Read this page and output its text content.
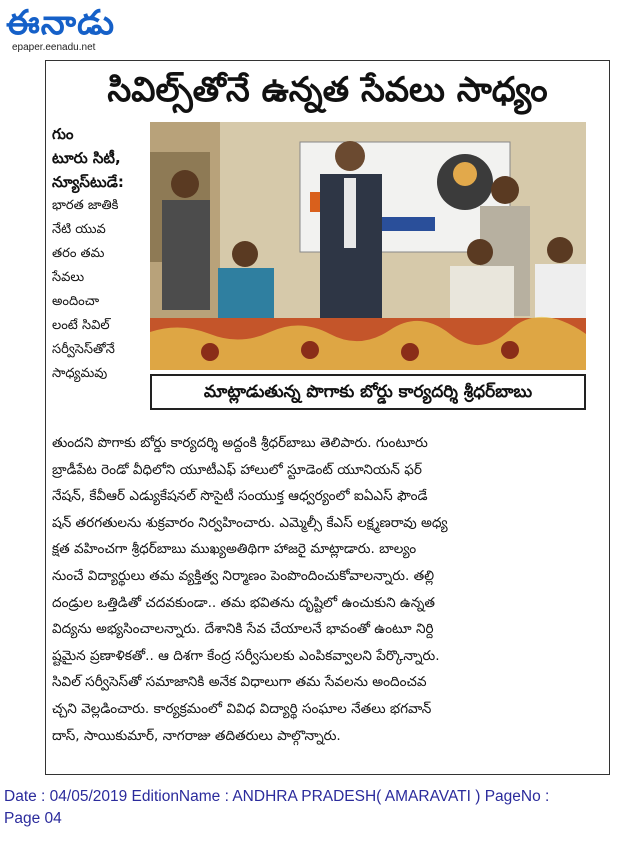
ఈనాడు
epaper.eenadu.net
సివిల్స్‌తోనే ఉన్నత సేవలు సాధ్యం
గుం
టూరు సిటీ,
న్యూస్‌టుడే:
భారత జాతికి
నేటి యువ
తరం తమ
సేవలు
అందించా
లంటే సివిల్
సర్వీసెస్‌తోనే
సాధ్యమవు
మాట్లాడుతున్న పొగాకు బోర్డు కార్యదర్శి శ్రీధర్‌బాబు
తుందని పొగాకు బోర్డు కార్యదర్శి అద్దంకి శ్రీధర్‌బాబు తెలిపారు. గుంటూరు
బ్రాడీపేట రెండో వీధిలోని యూటీఎఫ్ హాలులో స్టూడెంట్ యూనియన్ ఫర్
నేషన్, కేవీఆర్ ఎడ్యుకేషనల్ సొసైటీ సంయుక్త ఆధ్వర్యంలో ఐఏఎస్ ఫౌండే
షన్ తరగతులను శుక్రవారం నిర్వహించారు. ఎమ్మెల్సీ కేఎస్ లక్ష్మణరావు అధ్య
క్షత వహించగా శ్రీధర్‌బాబు ముఖ్యఅతిథిగా హాజరై మాట్లాడారు. బాల్యం
నుంచే విద్యార్థులు తమ వ్యక్తిత్వ నిర్మాణం పెంపొందించుకోవాలన్నారు. తల్లి
దండ్రుల ఒత్తిడితో చదవకుండా.. తమ భవితను దృష్టిలో ఉంచుకుని ఉన్నత
విద్యను అభ్యసించాలన్నారు. దేశానికి సేవ చేయాలనే భావంతో ఉంటూ నిర్ది
ష్టమైన ప్రణాళికతో.. ఆ దిశగా కేంద్ర సర్వీసులకు ఎంపికవ్వాలని పేర్కొన్నారు.
సివిల్ సర్వీసెస్‌తో సమాజానికి అనేక విధాలుగా తమ సేవలను అందించవ
చ్చని వెల్లడించారు. కార్యక్రమంలో వివిధ విద్యార్థి సంఘాల నేతలు భగవాన్
దాస్, సాయికుమార్, నాగరాజు తదితరులు పాల్గొన్నారు.
Date : 04/05/2019 EditionName : ANDHRA PRADESH( AMARAVATI ) PageNo :
Page 04
